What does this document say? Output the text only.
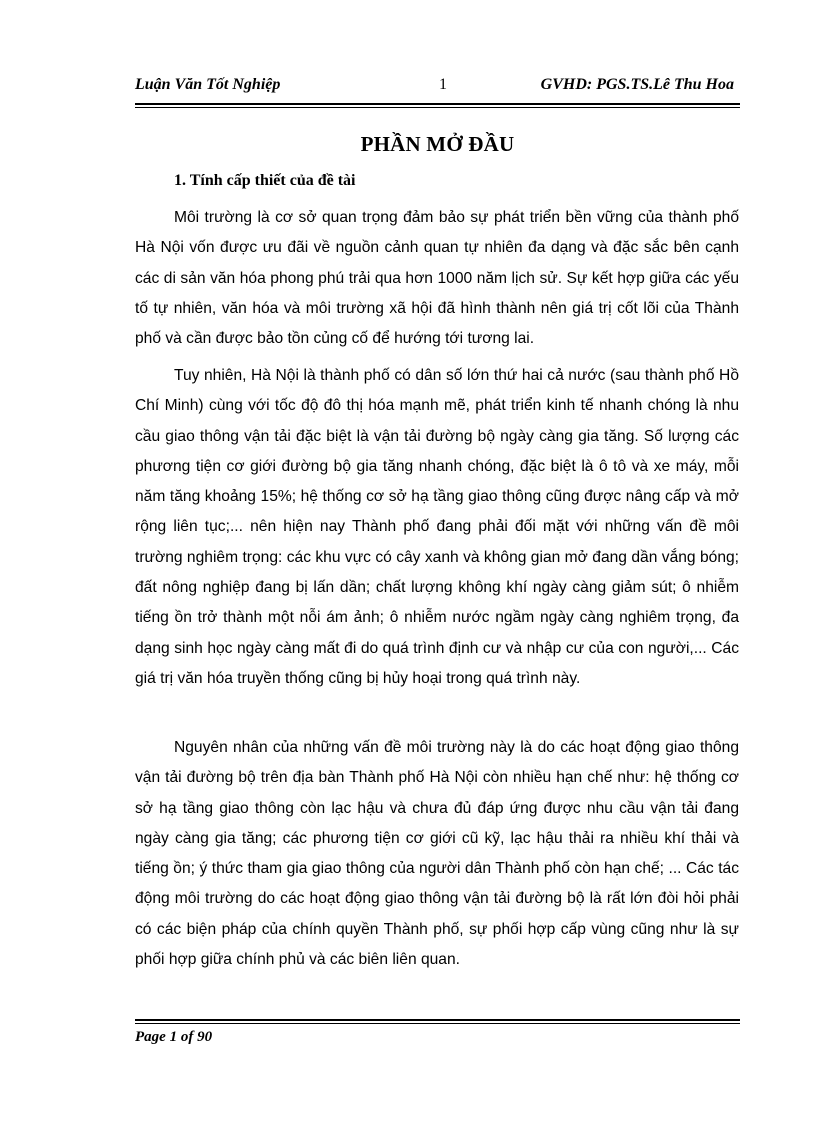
Luận Văn Tốt Nghiệp	1	GVHD: PGS.TS.Lê Thu Hoa
PHẦN MỞ ĐẦU
1. Tính cấp thiết của đề tài

Môi trường là cơ sở quan trọng đảm bảo sự phát triển bền vững của thành phố Hà Nội vốn được ưu đãi về nguồn cảnh quan tự nhiên đa dạng và đặc sắc bên cạnh các di sản văn hóa phong phú trải qua hơn 1000 năm lịch sử. Sự kết hợp giữa các yếu tố tự nhiên, văn hóa và môi trường xã hội đã hình thành nên giá trị cốt lõi của Thành phố và cần được bảo tồn củng cố để hướng tới tương lai.

Tuy nhiên, Hà Nội là thành phố có dân số lớn thứ hai cả nước (sau thành phố Hồ Chí Minh) cùng với tốc độ đô thị hóa mạnh mẽ, phát triển kinh tế nhanh chóng là nhu cầu giao thông vận tải đặc biệt là vận tải đường bộ ngày càng gia tăng. Số lượng các phương tiện cơ giới đường bộ gia tăng nhanh chóng, đặc biệt là ô tô và xe máy, mỗi năm tăng khoảng 15%; hệ thống cơ sở hạ tầng giao thông cũng được nâng cấp và mở rộng liên tục;... nên hiện nay Thành phố đang phải đối mặt với những vấn đề môi trường nghiêm trọng: các khu vực có cây xanh và không gian mở đang dần vắng bóng; đất nông nghiệp đang bị lấn dần; chất lượng không khí ngày càng giảm sút; ô nhiễm tiếng ồn trở thành một nỗi ám ảnh; ô nhiễm nước ngầm ngày càng nghiêm trọng, đa dạng sinh học ngày càng mất đi do quá trình định cư và nhập cư của con người,... Các giá trị văn hóa truyền thống cũng bị hủy hoại trong quá trình này.

Nguyên nhân của những vấn đề môi trường này là do các hoạt động giao thông vận tải đường bộ trên địa bàn Thành phố Hà Nội còn nhiều hạn chế như: hệ thống cơ sở hạ tầng giao thông còn lạc hậu và chưa đủ đáp ứng được nhu cầu vận tải đang ngày càng gia tăng; các phương tiện cơ giới cũ kỹ, lạc hậu thải ra nhiều khí thải và tiếng ồn; ý thức tham gia giao thông của người dân Thành phố còn hạn chế; ... Các tác động môi trường do các hoạt động giao thông vận tải đường bộ là rất lớn đòi hỏi phải có các biện pháp của chính quyền Thành phố, sự phối hợp cấp vùng cũng như là sự phối hợp giữa chính phủ và các biên liên quan.

Page 1 of 90
